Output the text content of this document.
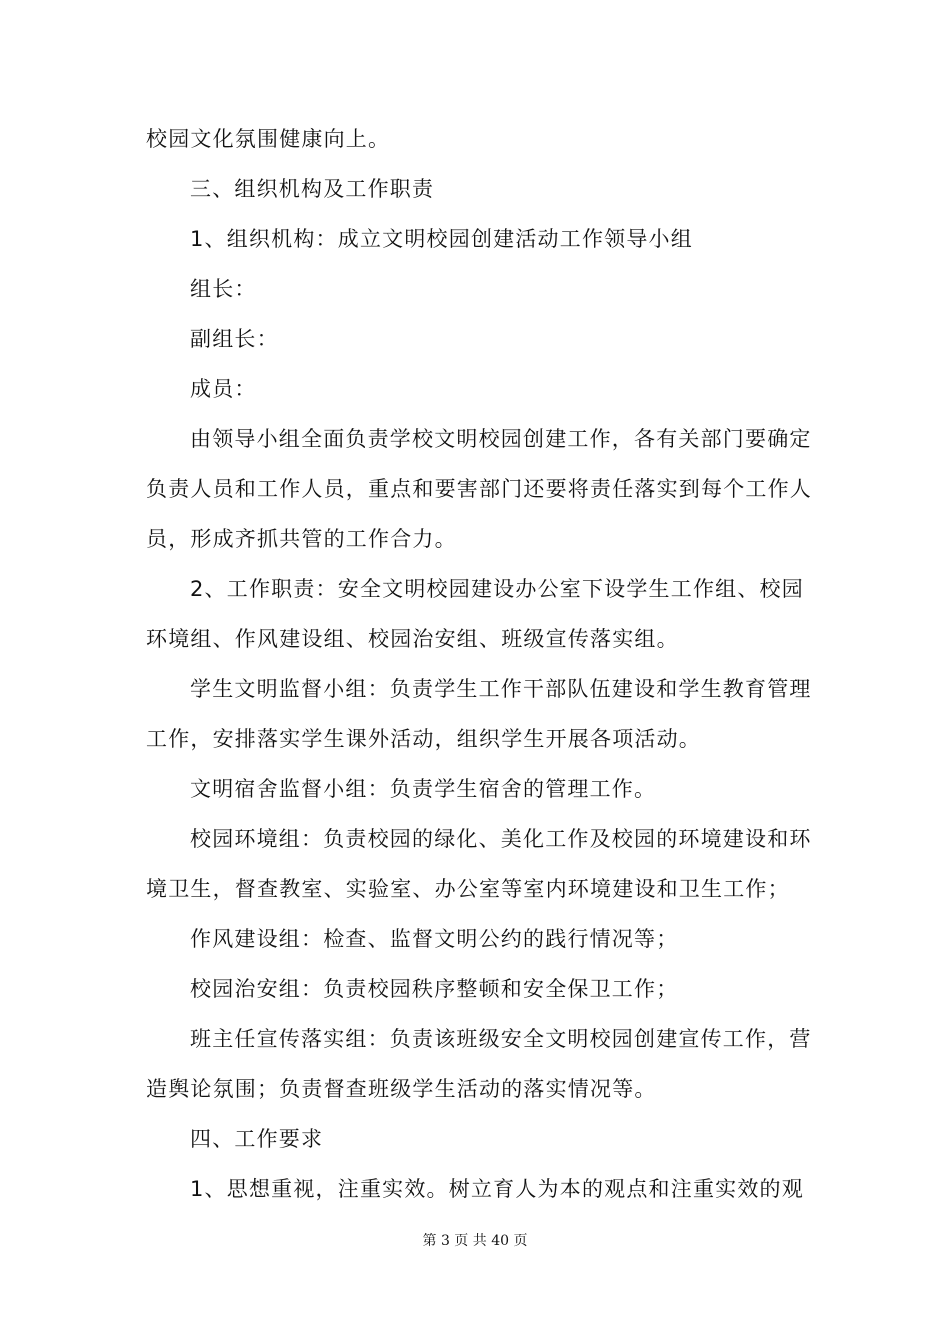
校园文化氛围健康向上。
三、组织机构及工作职责
1、组织机构：成立文明校园创建活动工作领导小组
组长：
副组长：
成员：
由领导小组全面负责学校文明校园创建工作，各有关部门要确定
负责人员和工作人员，重点和要害部门还要将责任落实到每个工作人
员，形成齐抓共管的工作合力。
2、工作职责：安全文明校园建设办公室下设学生工作组、校园
环境组、作风建设组、校园治安组、班级宣传落实组。
学生文明监督小组：负责学生工作干部队伍建设和学生教育管理
工作，安排落实学生课外活动，组织学生开展各项活动。
文明宿舍监督小组：负责学生宿舍的管理工作。
校园环境组：负责校园的绿化、美化工作及校园的环境建设和环
境卫生，督查教室、实验室、办公室等室内环境建设和卫生工作；
作风建设组：检查、监督文明公约的践行情况等；
校园治安组：负责校园秩序整顿和安全保卫工作；
班主任宣传落实组：负责该班级安全文明校园创建宣传工作，营
造舆论氛围；负责督查班级学生活动的落实情况等。
四、工作要求
1、思想重视，注重实效。树立育人为本的观点和注重实效的观
第 3 页 共 40 页
